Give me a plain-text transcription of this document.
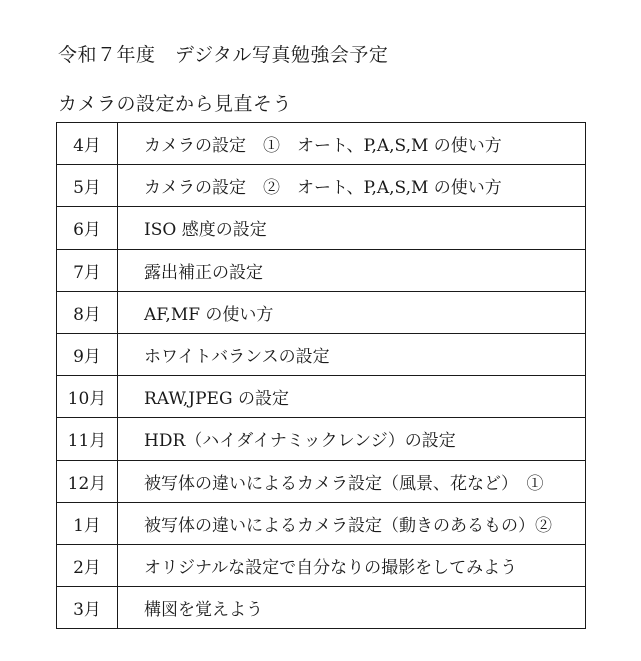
令和７年度　デジタル写真勉強会予定
カメラの設定から見直そう
4月	カメラの設定　①　オート、P,A,S,M の使い方
5月	カメラの設定　②　オート、P,A,S,M の使い方
6月	ISO 感度の設定
7月	露出補正の設定
8月	AF,MF の使い方
9月	ホワイトバランスの設定
10月	RAW,JPEG の設定
11月	HDR（ハイダイナミックレンジ）の設定
12月	被写体の違いによるカメラ設定（風景、花など）　①
1月	被写体の違いによるカメラ設定（動きのあるもの）②
2月	オリジナルな設定で自分なりの撮影をしてみよう
3月	構図を覚えよう
